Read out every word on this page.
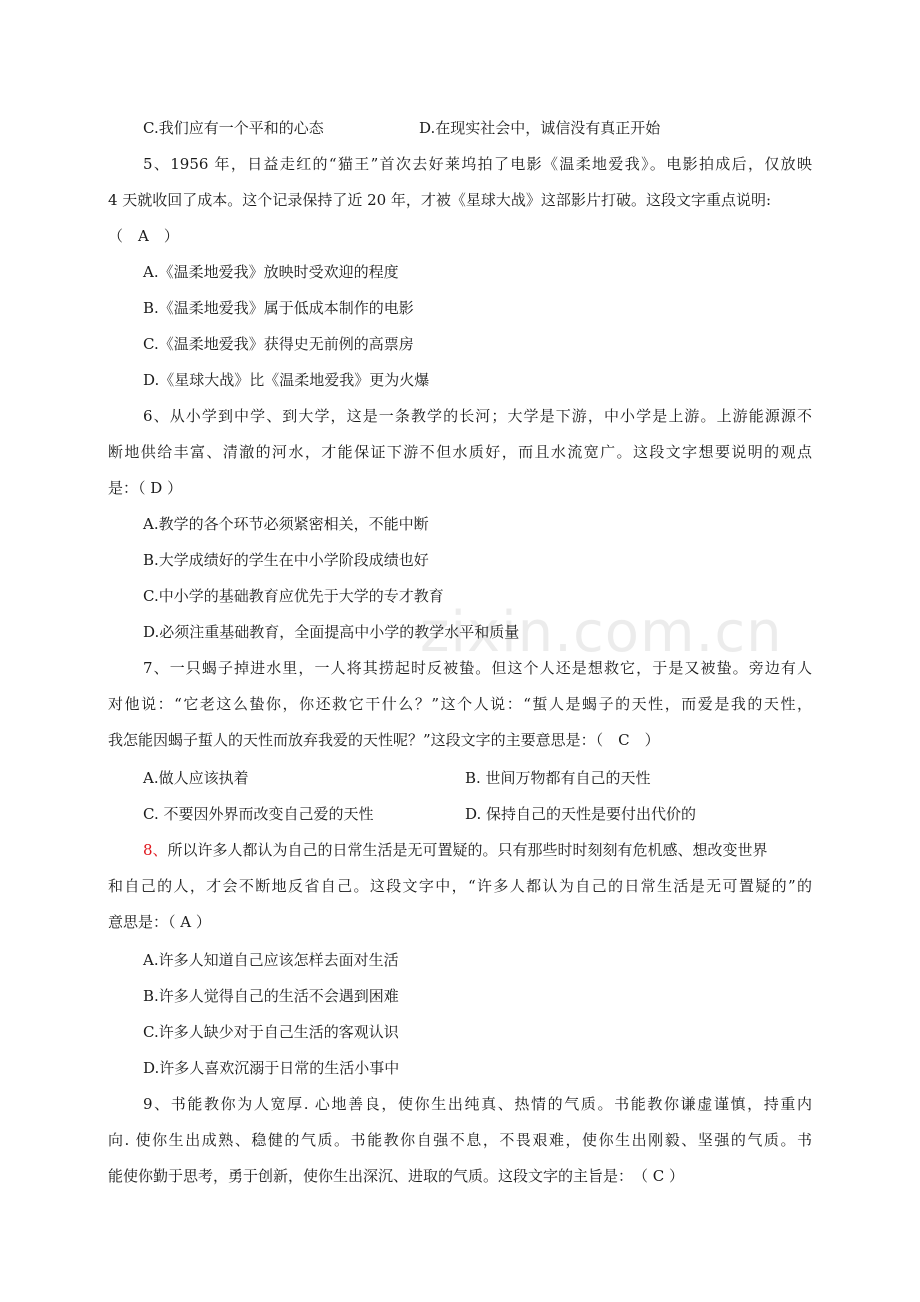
C.我们应有一个平和的心态	D.在现实社会中，诚信没有真正开始
5、1956 年，日益走红的“猫王”首次去好莱坞拍了电影《温柔地爱我》。电影拍成后，仅放映
4 天就收回了成本。这个记录保持了近 20 年，才被《星球大战》这部影片打破。这段文字重点说明:
（　A　）
A.《温柔地爱我》放映时受欢迎的程度
B.《温柔地爱我》属于低成本制作的电影
C.《温柔地爱我》获得史无前例的高票房
D.《星球大战》比《温柔地爱我》更为火爆
6、从小学到中学、到大学，这是一条教学的长河；大学是下游，中小学是上游。上游能源源不
断地供给丰富、清澈的河水，才能保证下游不但水质好，而且水流宽广。这段文字想要说明的观点
是：（ D ）
A.教学的各个环节必须紧密相关，不能中断
B.大学成绩好的学生在中小学阶段成绩也好
C.中小学的基础教育应优先于大学的专才教育
D.必须注重基础教育，全面提高中小学的教学水平和质量
7、一只蝎子掉进水里，一人将其捞起时反被蛰。但这个人还是想救它，于是又被蛰。旁边有人
对他说：“它老这么蛰你，你还救它干什么？”这个人说：“蜇人是蝎子的天性，而爱是我的天性，
我怎能因蝎子蜇人的天性而放弃我爱的天性呢？”这段文字的主要意思是：（　C　）
A.做人应该执着	B. 世间万物都有自己的天性
C. 不要因外界而改变自己爱的天性	D. 保持自己的天性是要付出代价的
8、所以许多人都认为自己的日常生活是无可置疑的。只有那些时时刻刻有危机感、想改变世界
和自己的人，才会不断地反省自己。这段文字中，“许多人都认为自己的日常生活是无可置疑的”的
意思是：（ A ）
A.许多人知道自己应该怎样去面对生活
B.许多人觉得自己的生活不会遇到困难
C.许多人缺少对于自己生活的客观认识
D.许多人喜欢沉溺于日常的生活小事中
9、书能教你为人宽厚. 心地善良，使你生出纯真、热情的气质。书能教你谦虚谨慎，持重内
向. 使你生出成熟、稳健的气质。书能教你自强不息，不畏艰难，使你生出刚毅、坚强的气质。书
能使你勤于思考，勇于创新，使你生出深沉、进取的气质。这段文字的主旨是：　（ C ）
zixin.com.cn
